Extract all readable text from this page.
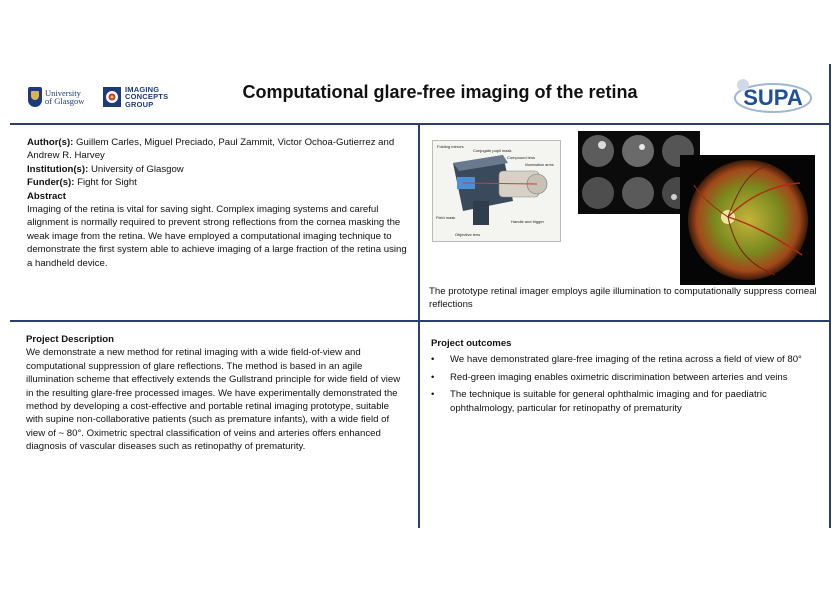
University
of Glasgow
IMAGING
CONCEPTS
GROUP
Computational glare-free imaging of the retina	SUPA
Author(s): Guillem Carles, Miguel Preciado, Paul Zammit, Victor Ochoa-Gutierrez and Andrew R. Harvey
Institution(s): University of Glasgow
Funder(s): Fight for Sight
Abstract
Imaging of the retina is vital for saving sight. Complex imaging systems and careful alignment is normally required to prevent strong reflections from the cornea masking the weak image from the retina. We have employed a computational imaging technique to demonstrate the first system able to achieve imaging of a large fraction of the retina using a handheld device.
Folding mirrors
Conjugate pupil mask
Compound lens
Illumination arms
Field mask
Handle and trigger
Objective lens
The prototype retinal imager employs agile illumination to computationally suppress corneal reflections
Project Description
We demonstrate a new method for retinal imaging with a wide field-of-view and computational suppression of glare reflections. The method is based in an agile illumination scheme that effectively extends the Gullstrand principle for wide field of view in the resulting glare-free processed images. We have experimentally demonstrated the method by developing a cost-effective and portable retinal imaging prototype, suitable with supine non-collaborative patients (such as premature infants), with a wide field of view of ~ 80°. Oximetric spectral classification of veins and arteries offers enhanced diagnosis of vascular diseases such as retinopathy of prematurity.
Project outcomes
• We have demonstrated glare-free imaging of the retina across a field of view of 80°
• Red-green imaging enables oximetric discrimination between arteries and veins
• The technique is suitable for general ophthalmic imaging and for paediatric ophthalmology, particular for retinopathy of prematurity
